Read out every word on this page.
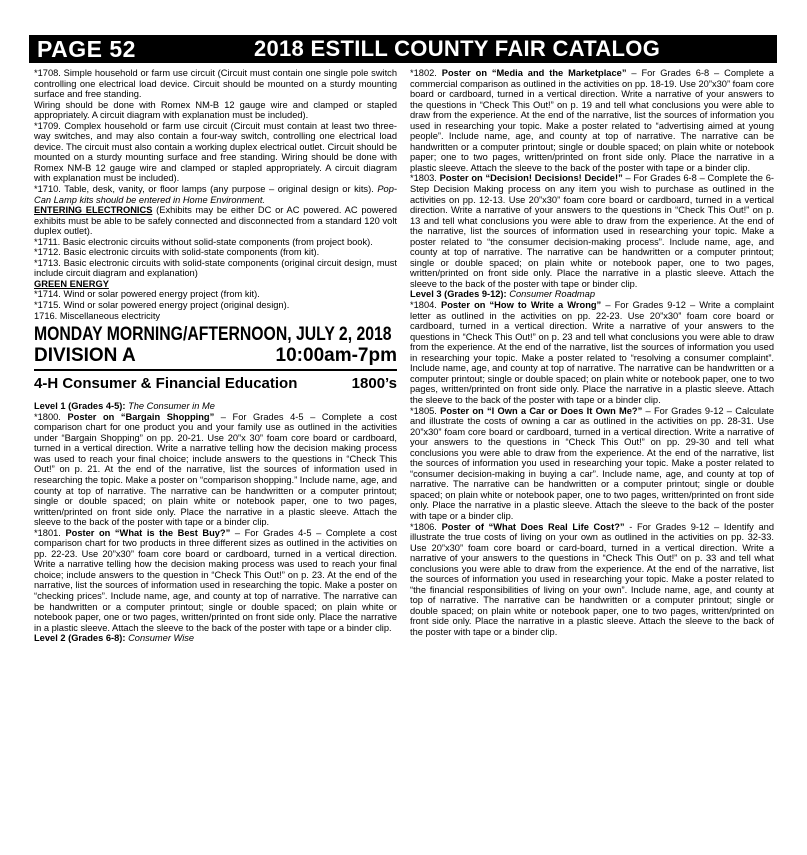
PAGE 52	2018 ESTILL COUNTY FAIR CATALOG

*1708. Simple household or farm use circuit (Circuit must contain one single pole switch controlling one electrical load device. Circuit should be mounted on a sturdy mounting surface and free standing.

Wiring should be done with Romex NM-B 12 gauge wire and clamped or stapled appropriately. A circuit diagram with explanation must be included).

*1709. Complex household or farm use circuit (Circuit must contain at least two three-way switches, and may also contain a four-way switch, controlling one electrical load device. The circuit must also contain a working duplex electrical outlet. Circuit should be mounted on a sturdy mounting surface and free standing. Wiring should be done with Romex NM-B 12 gauge wire and clamped or stapled appropriately. A circuit diagram with explanation must be included).

*1710. Table, desk, vanity, or floor lamps (any purpose – original design or kits). Pop-Can Lamp kits should be entered in Home Environment.

ENTERING ELECTRONICS (Exhibits may be either DC or AC powered. AC powered exhibits must be able to be safely connected and disconnected from a standard 120 volt duplex outlet).

*1711. Basic electronic circuits without solid-state components (from project book).

*1712. Basic electronic circuits with solid-state components (from kit).

*1713. Basic electronic circuits with solid-state components (original circuit design, must include circuit diagram and explanation)

GREEN ENERGY

*1714. Wind or solar powered energy project (from kit).

*1715. Wind or solar powered energy project (original design).

1716. Miscellaneous electricity

MONDAY MORNING/AFTERNOON, JULY 2, 2018
DIVISION A	10:00am-7pm
4-H Consumer & Financial Education	1800’s

Level 1 (Grades 4-5): The Consumer in Me

*1800. Poster on “Bargain Shopping” – For Grades 4-5 – Complete a cost comparison chart for one product you and your family use as outlined in the activities under “Bargain Shopping” on pp. 20-21. Use 20”x 30” foam core board or cardboard, turned in a vertical direction. Write a narrative telling how the decision making process was used to reach your final choice; include answers to the questions in “Check This Out!” on p. 21. At the end of the narrative, list the sources of information used in researching the topic. Make a poster on “comparison shopping.” Include name, age, and county at top of narrative. The narrative can be handwritten or a computer printout; single or double spaced; on plain white or notebook paper, one to two pages, written/printed on front side only. Place the narrative in a plastic sleeve. Attach the sleeve to the back of the poster with tape or a binder clip.

*1801. Poster on “What is the Best Buy?” – For Grades 4-5 – Complete a cost comparison chart for two products in three different sizes as outlined in the activities on pp. 22-23. Use 20”x30” foam core board or cardboard, turned in a vertical direction. Write a narrative telling how the decision making process was used to reach your final choice; include answers to the question in “Check This Out!” on p. 23. At the end of the narrative, list the sources of information used in researching the topic. Make a poster on “checking prices”. Include name, age, and county at top of narrative. The narrative can be handwritten or a computer printout; single or double spaced; on plain white or notebook paper, one or two pages, written/printed on front side only. Place the narrative in a plastic sleeve. Attach the sleeve to the back of the poster with tape or a binder clip.

Level 2 (Grades 6-8): Consumer Wise

*1802. Poster on “Media and the Marketplace” – For Grades 6-8 – Complete a commercial comparison as outlined in the activities on pp. 18-19. Use 20”x30” foam core board or cardboard, turned in a vertical direction. Write a narrative of your answers to the questions in “Check This Out!” on p. 19 and tell what conclusions you were able to draw from the experience. At the end of the narrative, list the sources of information you used in researching your topic. Make a poster related to “advertising aimed at young people”. Include name, age, and county at top of narrative. The narrative can be handwritten or a computer printout; single or double spaced; on plain white or notebook paper; one to two pages, written/printed on front side only. Place the narrative in a plastic sleeve. Attach the sleeve to the back of the poster with tape or a binder clip.

*1803. Poster on “Decision! Decisions! Decide!” – For Grades 6-8 – Complete the 6-Step Decision Making process on any item you wish to purchase as outlined in the activities on pp. 12-13. Use 20”x30” foam core board or cardboard, turned in a vertical direction. Write a narrative of your answers to the questions in “Check This Out!” on p. 13 and tell what conclusions you were able to draw from the experience. At the end of the narrative, list the sources of information used in researching your topic. Make a poster related to “the consumer decision-making process”. Include name, age, and county at top of narrative. The narrative can be handwritten or a computer printout; single or double spaced; on plain white or notebook paper, one to two pages, written/printed on front side only. Place the narrative in a plastic sleeve. Attach the sleeve to the back of the poster with tape or binder clip.

Level 3 (Grades 9-12): Consumer Roadmap

*1804. Poster on “How to Write a Wrong” – For Grades 9-12 – Write a complaint letter as outlined in the activities on pp. 22-23. Use 20”x30” foam core board or cardboard, turned in a vertical direction. Write a narrative of your answers to the questions in “Check This Out!” on p. 23 and tell what conclusions you were able to draw from the experience. At the end of the narrative, list the sources of information you used in researching your topic. Make a poster related to “resolving a consumer complaint”. Include name, age, and county at top of narrative. The narrative can be handwritten or a computer printout; single or double spaced; on plain white or notebook paper, one to two pages, written/printed on front side only. Place the narrative in a plastic sleeve. Attach the sleeve to the back of the poster with tape or a binder clip.

*1805. Poster on “I Own a Car or Does It Own Me?” – For Grades 9-12 – Calculate and illustrate the costs of owning a car as outlined in the activities on pp. 28-31. Use 20”x30” foam core board or cardboard, turned in a vertical direction. Write a narrative of your answers to the questions in “Check This Out!” on pp. 29-30 and tell what conclusions you were able to draw from the experience. At the end of the narrative, list the sources of information you used in researching your topic. Make a poster related to “consumer decision-making in buying a car”. Include name, age, and county at top of narrative. The narrative can be handwritten or a computer printout; single or double spaced; on plain white or notebook paper, one to two pages, written/printed on front side only. Place the narrative in a plastic sleeve. Attach the sleeve to the back of the poster with tape or a binder clip.

*1806. Poster of “What Does Real Life Cost?” - For Grades 9-12 – Identify and illustrate the true costs of living on your own as outlined in the activities on pp. 32-33. Use 20”x30” foam core board or card-board, turned in a vertical direction. Write a narrative of your answers to the questions in “Check This Out!” on p. 33 and tell what conclusions you were able to draw from the experience. At the end of the narrative, list the sources of information you used in researching your topic. Make a poster related to “the financial responsibilities of living on your own”. Include name, age, and county at top of narrative. The narrative can be handwritten or a computer printout; single or double spaced; on plain white or notebook paper, one to two pages, written/printed on front side only. Place the narrative in a plastic sleeve. Attach the sleeve to the back of the poster with tape or a binder clip.
